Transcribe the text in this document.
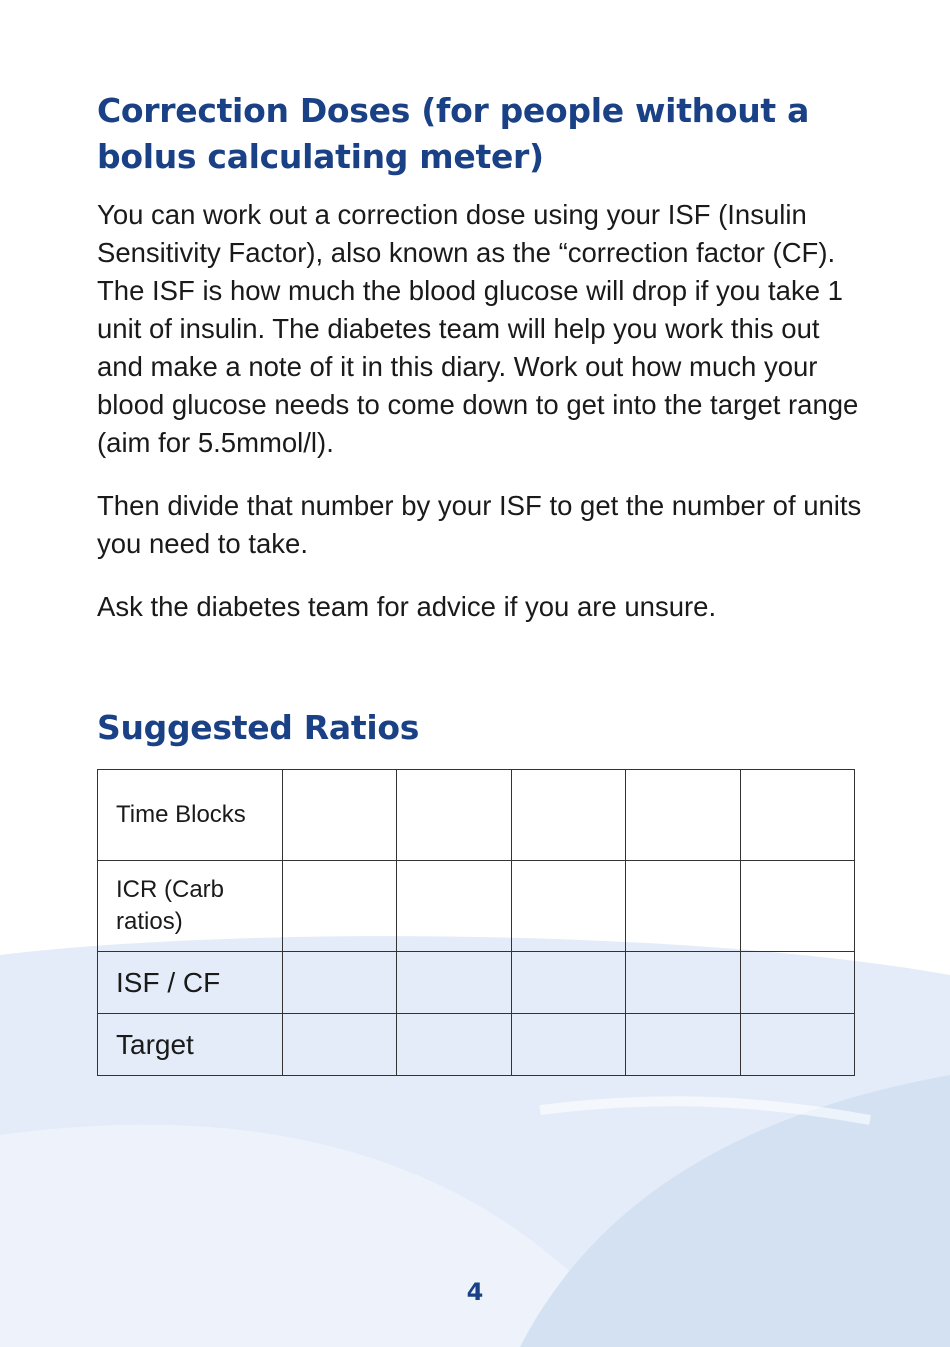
Correction Doses (for people without a bolus calculating meter)

You can work out a correction dose using your ISF (Insulin Sensitivity Factor), also known as the “correction factor (CF). The ISF is how much the blood glucose will drop if you take 1 unit of insulin. The diabetes team will help you work this out and make a note of it in this diary. Work out how much your blood glucose needs to come down to get into the target range (aim for 5.5mmol/l).

Then divide that number by your ISF to get the number of units you need to take.

Ask the diabetes team for advice if you are unsure.

Suggested Ratios
Time Blocks					
ICR (Carb ratios)					
ISF / CF					
Target					
4
